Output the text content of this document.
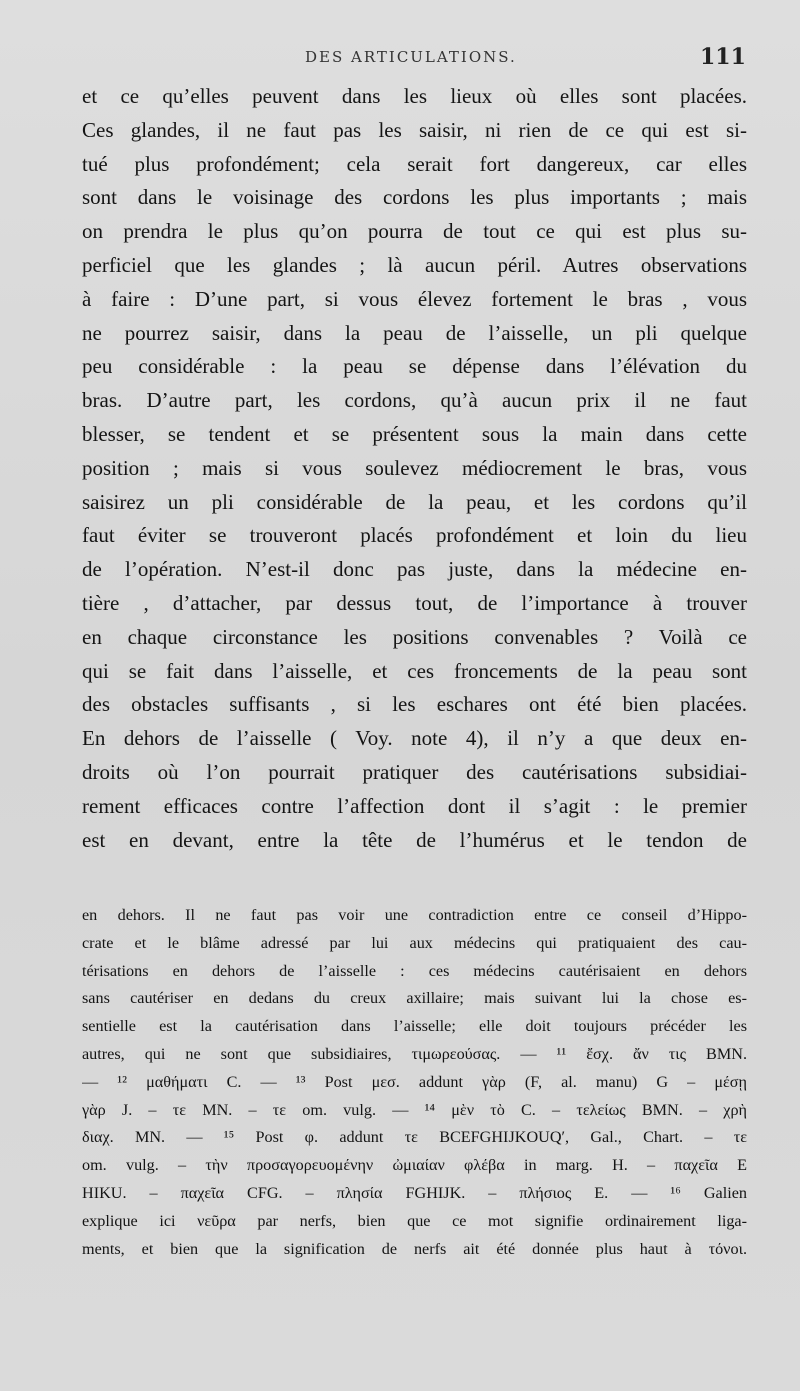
DES ARTICULATIONS.	111
et ce qu’elles peuvent dans les lieux où elles sont placées.
Ces glandes, il ne faut pas les saisir, ni rien de ce qui est si-
tué plus profondément; cela serait fort dangereux, car elles
sont dans le voisinage des cordons les plus importants ; mais
on prendra le plus qu’on pourra de tout ce qui est plus su-
perficiel que les glandes ; là aucun péril. Autres observations
à faire : D’une part, si vous élevez fortement le bras , vous
ne pourrez saisir, dans la peau de l’aisselle, un pli quelque
peu considérable : la peau se dépense dans l’élévation du
bras. D’autre part, les cordons, qu’à aucun prix il ne faut
blesser, se tendent et se présentent sous la main dans cette
position ; mais si vous soulevez médiocrement le bras, vous
saisirez un pli considérable de la peau, et les cordons qu’il
faut éviter se trouveront placés profondément et loin du lieu
de l’opération. N’est-il donc pas juste, dans la médecine en-
tière , d’attacher, par dessus tout, de l’importance à trouver
en chaque circonstance les positions convenables ? Voilà ce
qui se fait dans l’aisselle, et ces froncements de la peau sont
des obstacles suffisants , si les eschares ont été bien placées.
En dehors de l’aisselle ( Voy. note 4), il n’y a que deux en-
droits où l’on pourrait pratiquer des cautérisations subsidiai-
rement efficaces contre l’affection dont il s’agit : le premier
est en devant, entre la tête de l’humérus et le tendon de
en dehors. Il ne faut pas voir une contradiction entre ce conseil d’Hippo-
crate et le blâme adressé par lui aux médecins qui pratiquaient des cau-
térisations en dehors de l’aisselle : ces médecins cautérisaient en dehors
sans cautériser en dedans du creux axillaire; mais suivant lui la chose es-
sentielle est la cautérisation dans l’aisselle; elle doit toujours précéder les
autres, qui ne sont que subsidiaires, τιμωρεούσας. — ¹¹ ἔσχ. ἄν τις BMN.
— ¹² μαθήματι C. — ¹³ Post μεσ. addunt γὰρ (F, al. manu) G – μέσῃ
γὰρ J. – τε MN. – τε om. vulg. — ¹⁴ μὲν τὸ C. – τελείως BMN. – χρὴ
διαχ. MN. — ¹⁵ Post φ. addunt τε BCEFGHIJKOUQ′, Gal., Chart. – τε
om. vulg. – τὴν προσαγορευομένην ὠμιαίαν φλέβα in marg. H. – παχεῖα E
HIKU. – παχεῖα CFG. – πλησία FGHIJK. – πλήσιος E. — ¹⁶ Galien
explique ici νεῦρα par nerfs, bien que ce mot signifie ordinairement liga-
ments, et bien que la signification de nerfs ait été donnée plus haut à τόνοι.
